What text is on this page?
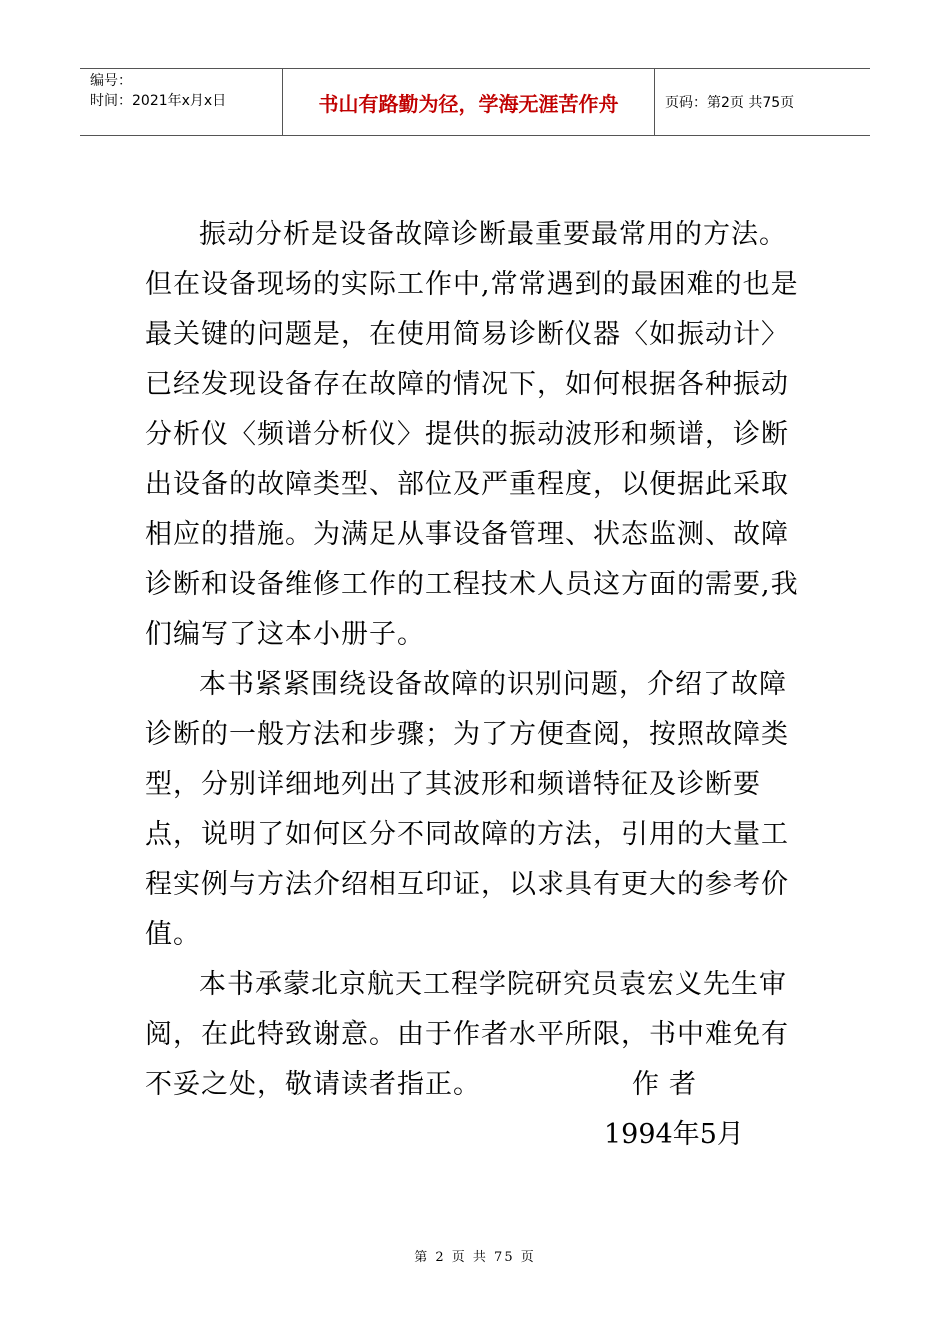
编号：
时间：2021年x月x日	书山有路勤为径，学海无涯苦作舟	页码：第2页 共75页

振动分析是设备故障诊断最重要最常用的方法。但在设备现场的实际工作中,常常遇到的最困难的也是最关键的问题是，在使用简易诊断仪器〈如振动计〉已经发现设备存在故障的情况下，如何根据各种振动分析仪〈频谱分析仪〉提供的振动波形和频谱，诊断出设备的故障类型、部位及严重程度，以便据此采取相应的措施。为满足从事设备管理、状态监测、故障诊断和设备维修工作的工程技术人员这方面的需要,我们编写了这本小册子。

本书紧紧围绕设备故障的识别问题，介绍了故障诊断的一般方法和步骤；为了方便查阅，按照故障类型，分别详细地列出了其波形和频谱特征及诊断要点，说明了如何区分不同故障的方法，引用的大量工程实例与方法介绍相互印证，以求具有更大的参考价值。

本书承蒙北京航天工程学院研究员袁宏义先生审阅，在此特致谢意。由于作者水平所限，书中难免有不妥之处，敬请读者指正。	作者
1994年5月
第 2 页 共 75 页
